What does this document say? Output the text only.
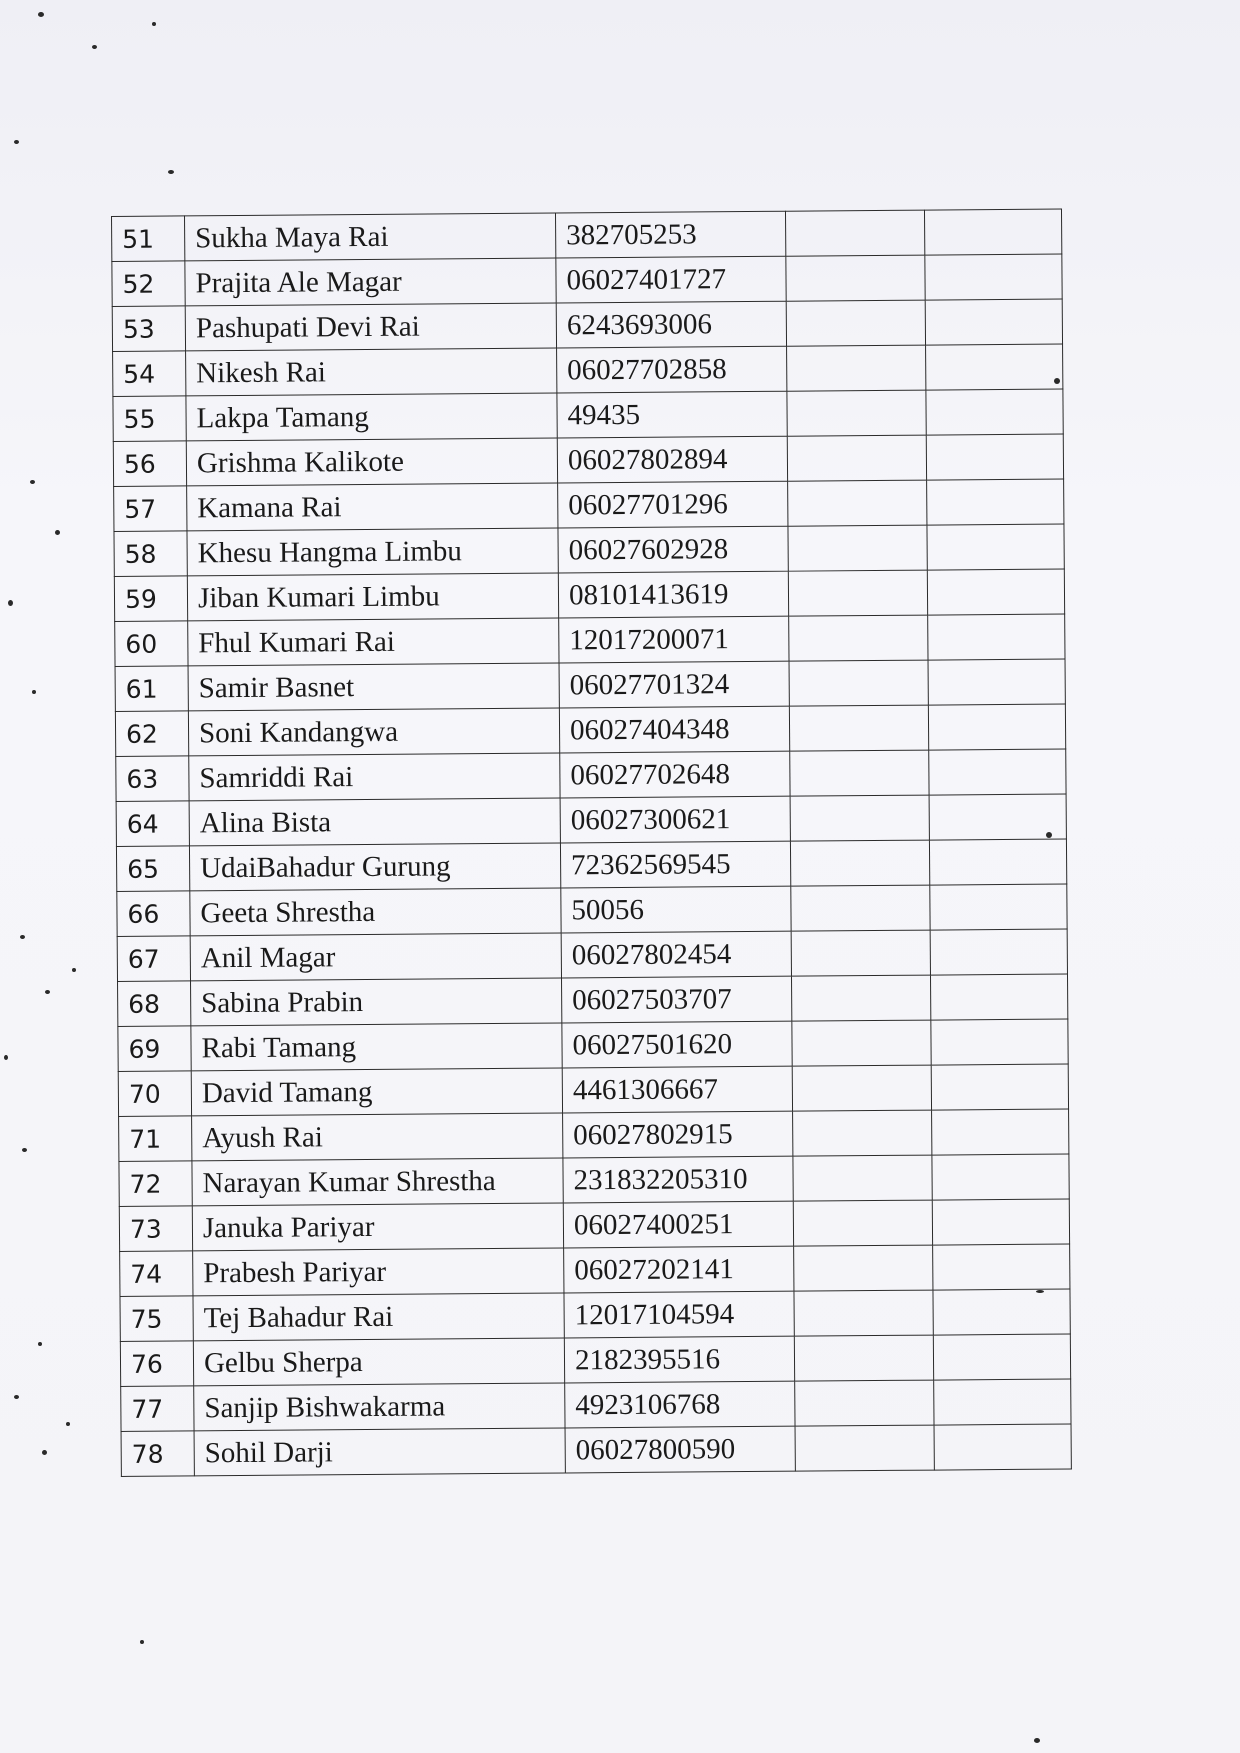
51	Sukha Maya Rai	382705253		
52	Prajita Ale Magar	06027401727		
53	Pashupati Devi Rai	6243693006		
54	Nikesh Rai	06027702858		
55	Lakpa Tamang	49435		
56	Grishma Kalikote	06027802894		
57	Kamana Rai	06027701296		
58	Khesu Hangma Limbu	06027602928		
59	Jiban Kumari Limbu	08101413619		
60	Fhul Kumari Rai	12017200071		
61	Samir Basnet	06027701324		
62	Soni Kandangwa	06027404348		
63	Samriddi Rai	06027702648		
64	Alina Bista	06027300621		
65	UdaiBahadur Gurung	72362569545		
66	Geeta Shrestha	50056		
67	Anil Magar	06027802454		
68	Sabina Prabin	06027503707		
69	Rabi Tamang	06027501620		
70	David Tamang	4461306667		
71	Ayush Rai	06027802915		
72	Narayan Kumar Shrestha	231832205310		
73	Januka Pariyar	06027400251		
74	Prabesh Pariyar	06027202141		
75	Tej Bahadur Rai	12017104594		
76	Gelbu Sherpa	2182395516		
77	Sanjip Bishwakarma	4923106768		
78	Sohil Darji	06027800590		
